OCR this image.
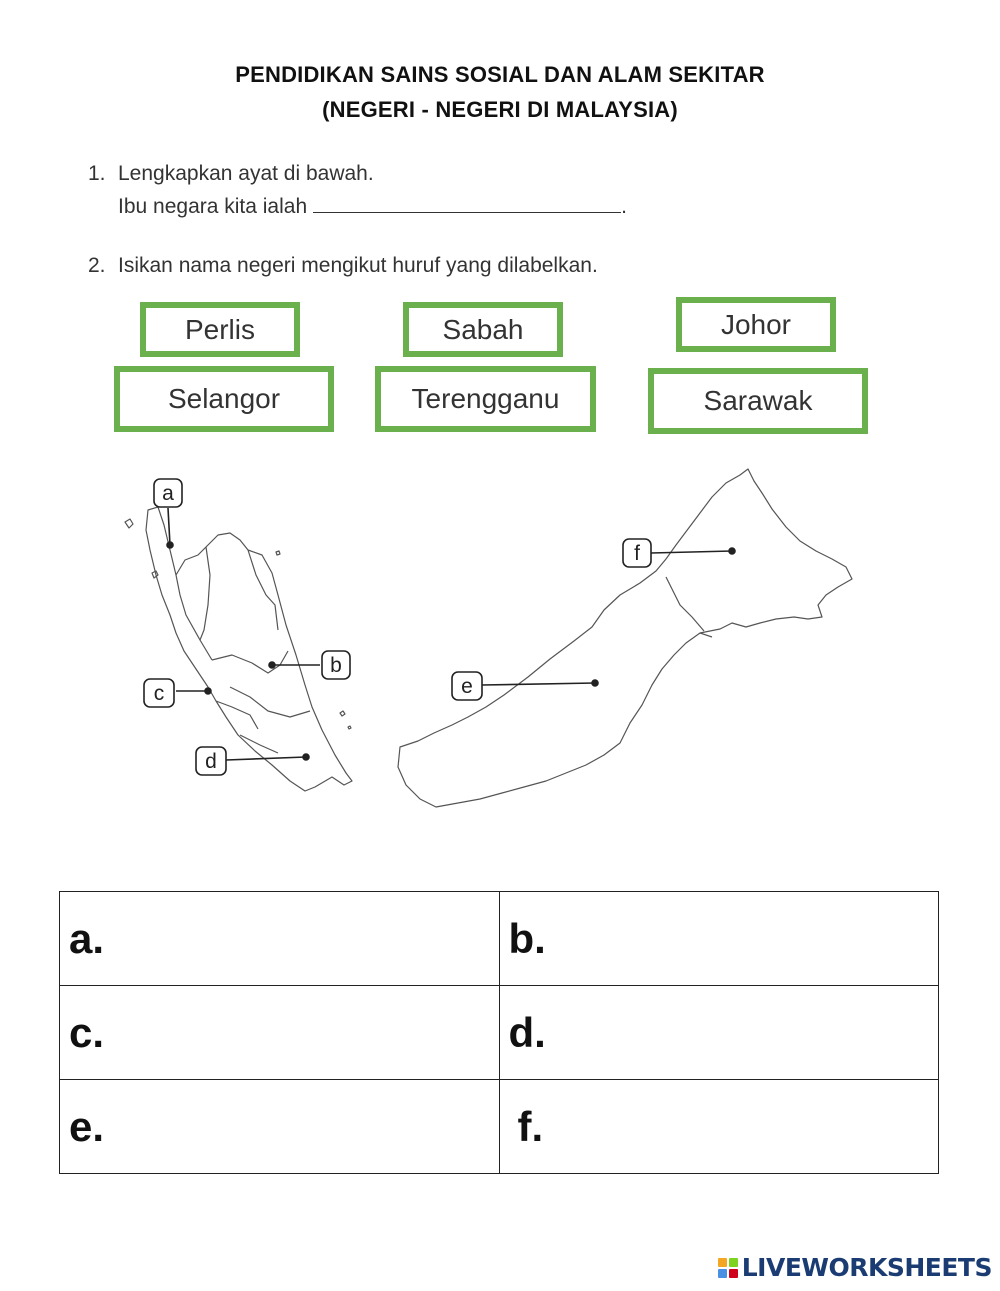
PENDIDIKAN SAINS SOSIAL DAN ALAM SEKITAR
(NEGERI - NEGERI DI MALAYSIA)
1. Lengkapkan ayat di bawah.
Ibu negara kita ialah	.
2. Isikan nama negeri mengikut huruf yang dilabelkan.
Perlis	Sabah	Johor
Selangor	Terengganu	Sarawak
a
b
c
d
e
f
a.	b.

c.	d.

e.	f.
LIVEWORKSHEETS
